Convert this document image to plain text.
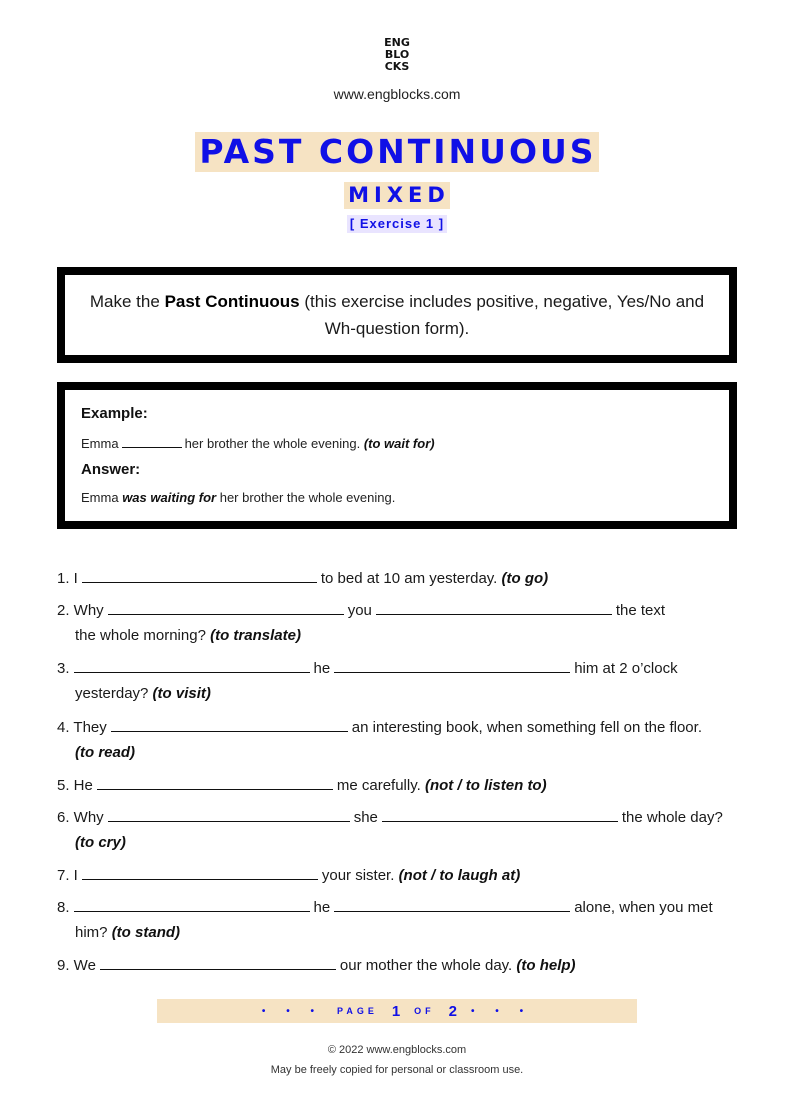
ENG
BLO
CKS
www.engblocks.com
PAST CONTINUOUS
MIXED
[ Exercise 1 ]

Make the Past Continuous (this exercise includes positive, negative, Yes/No and Wh-question form).

Example:
Emma	her brother the whole evening. (to wait for)
Answer:
Emma was waiting for her brother the whole evening.
1. I	to bed at 10 am yesterday. (to go)
2. Why	you	the text
the whole morning? (to translate)
3.	he	him at 2 o’clock
yesterday? (to visit)
4. They	an interesting book, when something fell on the floor.
(to read)
5. He	me carefully. (not / to listen to)
6. Why	she	the whole day?
(to cry)
7. I	your sister. (not / to laugh at)
8.	he	alone, when you met
him? (to stand)
9. We	our mother the whole day. (to help)
• • • PAGE 1 OF 2 • • •
© 2022 www.engblocks.com
May be freely copied for personal or classroom use.
